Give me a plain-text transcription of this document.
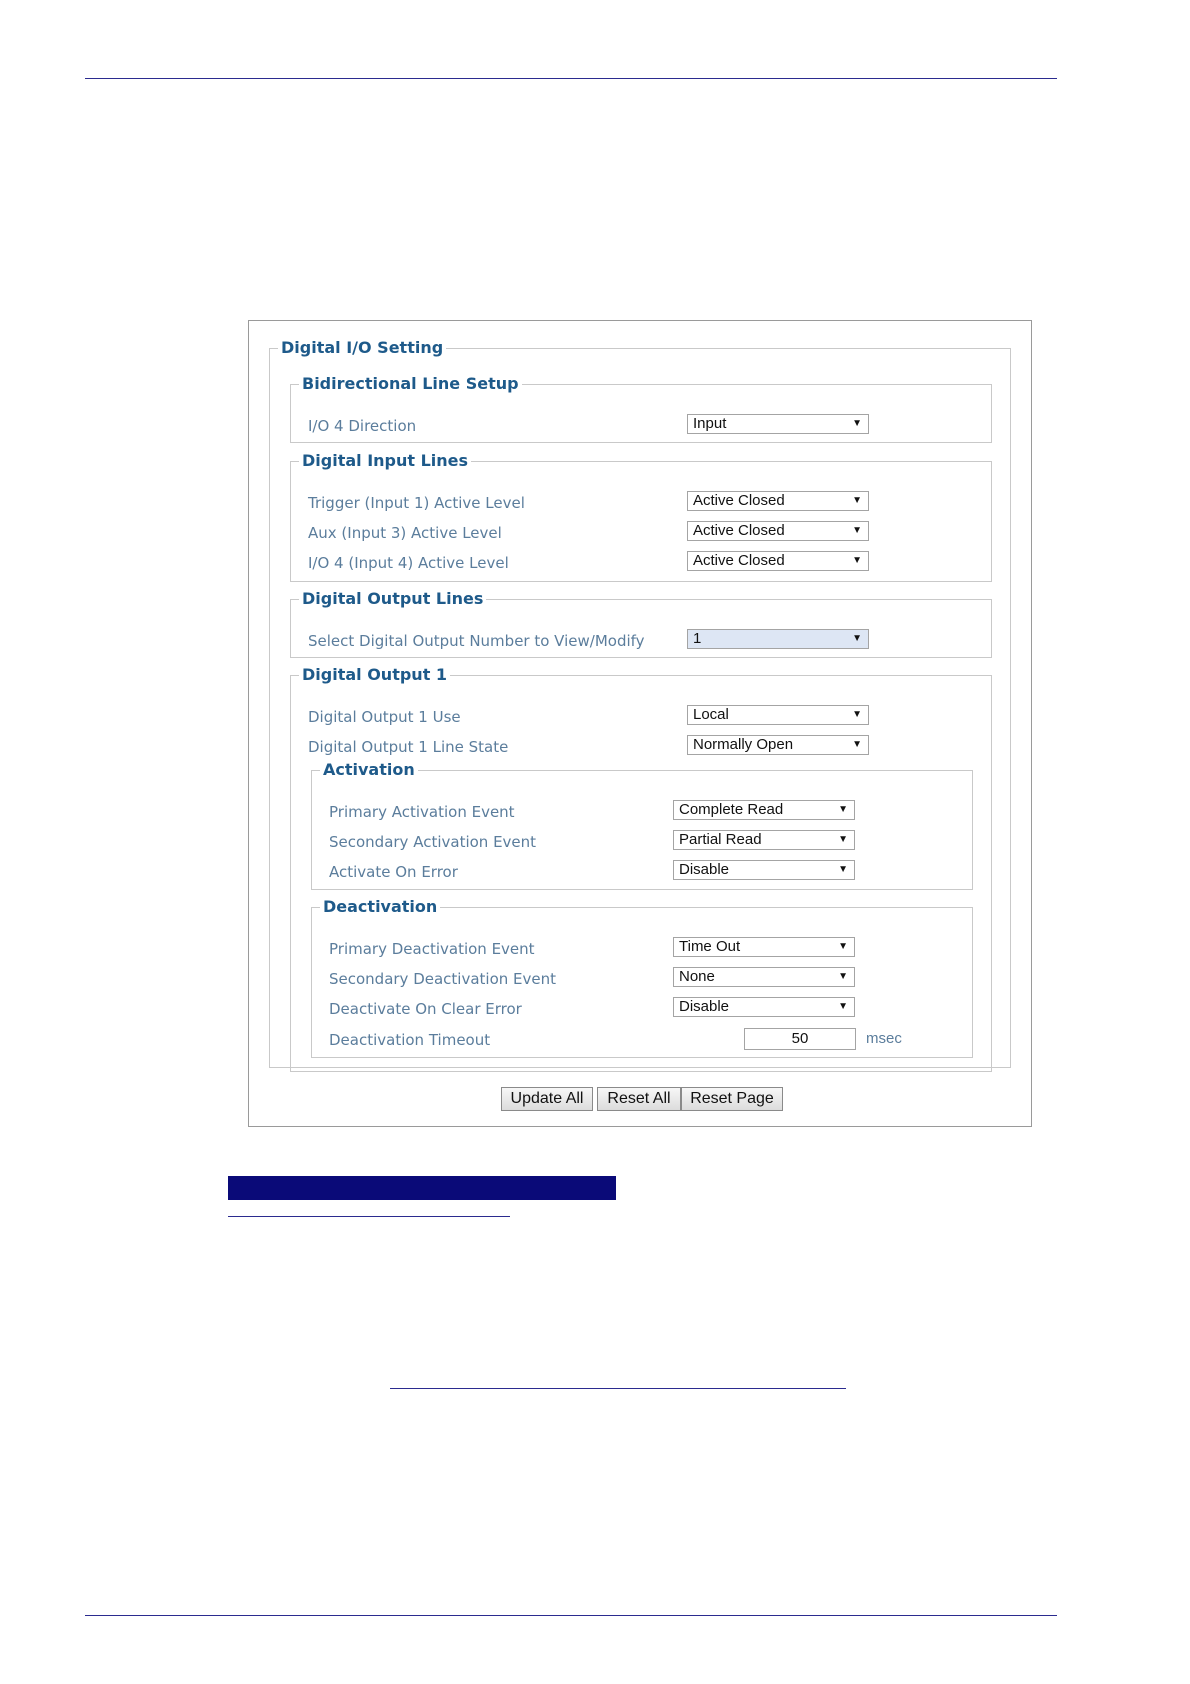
Digital I/O Setting
Bidirectional Line Setup
I/O 4 Direction	Input	▼
Digital Input Lines
Trigger (Input 1) Active Level	Active Closed	▼
Aux (Input 3) Active Level	Active Closed	▼
I/O 4 (Input 4) Active Level	Active Closed	▼
Digital Output Lines
Select Digital Output Number to View/Modify	1	▼
Digital Output 1
Digital Output 1 Use	Local	▼
Digital Output 1 Line State	Normally Open	▼
Activation
Primary Activation Event	Complete Read	▼
Secondary Activation Event	Partial Read	▼
Activate On Error	Disable	▼
Deactivation
Primary Deactivation Event	Time Out	▼
Secondary Deactivation Event	None	▼
Deactivate On Clear Error	Disable	▼
Deactivation Timeout	50	msec
Update All	Reset All	Reset Page
